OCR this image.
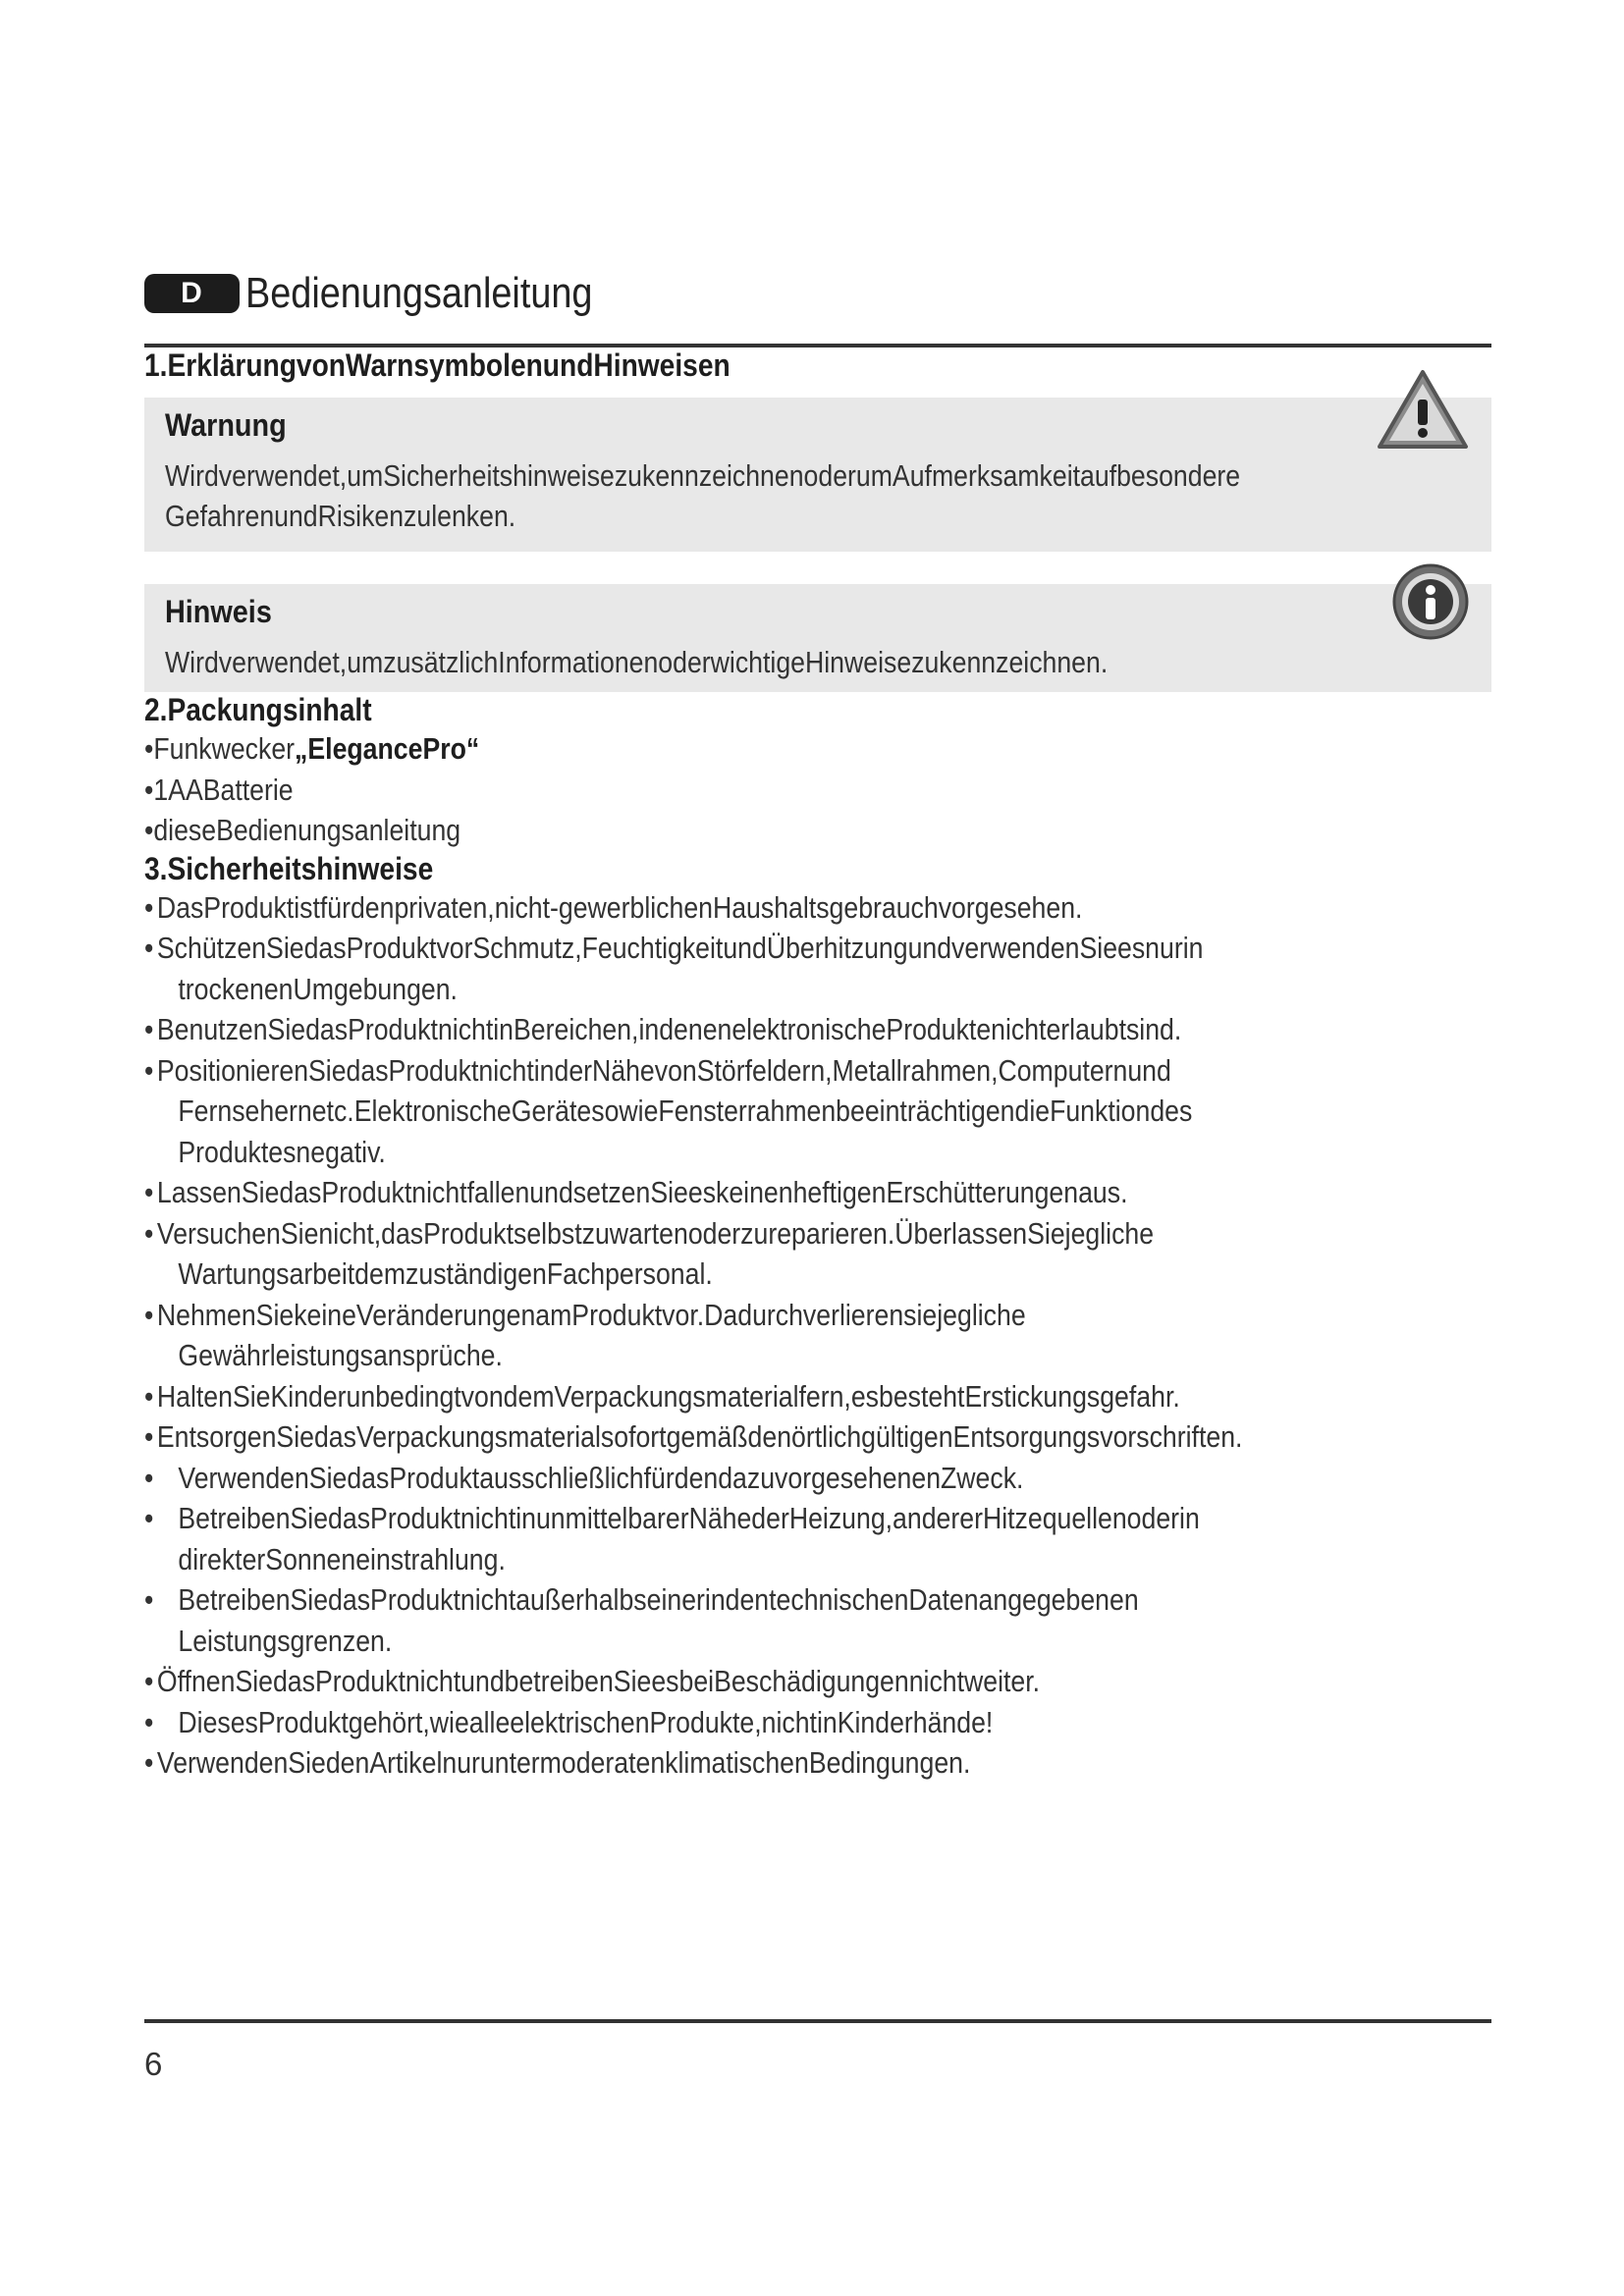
D Bedienungsanleitung
1.ErklärungvonWarnsymbolenundHinweisen
Warnung
Wirdverwendet,umSicherheitshinweisezukennzeichnenoderumAufmerksamkeitaufbesondere GefahrenundRisikenzulenken.
Hinweis
Wirdverwendet,umzusätzlichInformationenoderwichtigeHinweisezukennzeichnen.
2.Packungsinhalt
•Funkwecker„ElegancePro“
•1AABatterie
•dieseBedienungsanleitung
3.Sicherheitshinweise
• DasProduktistfürdenprivaten,nicht-gewerblichenHaushaltsgebrauchvorgesehen.
• SchützenSiedasProduktvorSchmutz,FeuchtigkeitundÜberhitzungundverwendenSieesnurin
trockenenUmgebungen.
• BenutzenSiedasProduktnichtinBereichen,indenenelektronischeProduktenichterlaubtsind.
• PositionierenSiedasProduktnichtinderNähevonStörfeldern,Metallrahmen,Computernund
Fernsehernetc.ElektronischeGerätesowieFensterrahmenbeeinträchtigendieFunktiondes Produktesnegativ.
• LassenSiedasProduktnichtfallenundsetzenSieeskeinenheftigenErschütterungenaus.
• VersuchenSienicht,dasProduktselbstzuwartenoderzureparieren.ÜberlassenSiejegliche
WartungsarbeitdemzuständigenFachpersonal.
• NehmenSiekeineVeränderungenamProduktvor.Dadurchverlierensiejegliche
Gewährleistungsansprüche.
• HaltenSieKinderunbedingtvondemVerpackungsmaterialfern,esbestehtErstickungsgefahr.
• EntsorgenSiedasVerpackungsmaterialsofortgemäßdenörtlichgültigenEntsorgungsvorschriften.
• VerwendenSiedasProduktausschließlichfürdendazuvorgesehenenZweck.
• BetreibenSiedasProduktnichtinunmittelbarerNähederHeizung,andererHitzequellenoderin
direkterSonneneinstrahlung.
• BetreibenSiedasProduktnichtaußerhalbseinerindentechnischenDatenangegebenen
Leistungsgrenzen.
• ÖffnenSiedasProduktnichtundbetreibenSieesbeiBeschädigungennichtweiter.
• DiesesProduktgehört,wiealleelektrischenProdukte,nichtinKinderhände!
• VerwendenSiedenArtikelnuruntermoderatenklimatischenBedingungen.
6
